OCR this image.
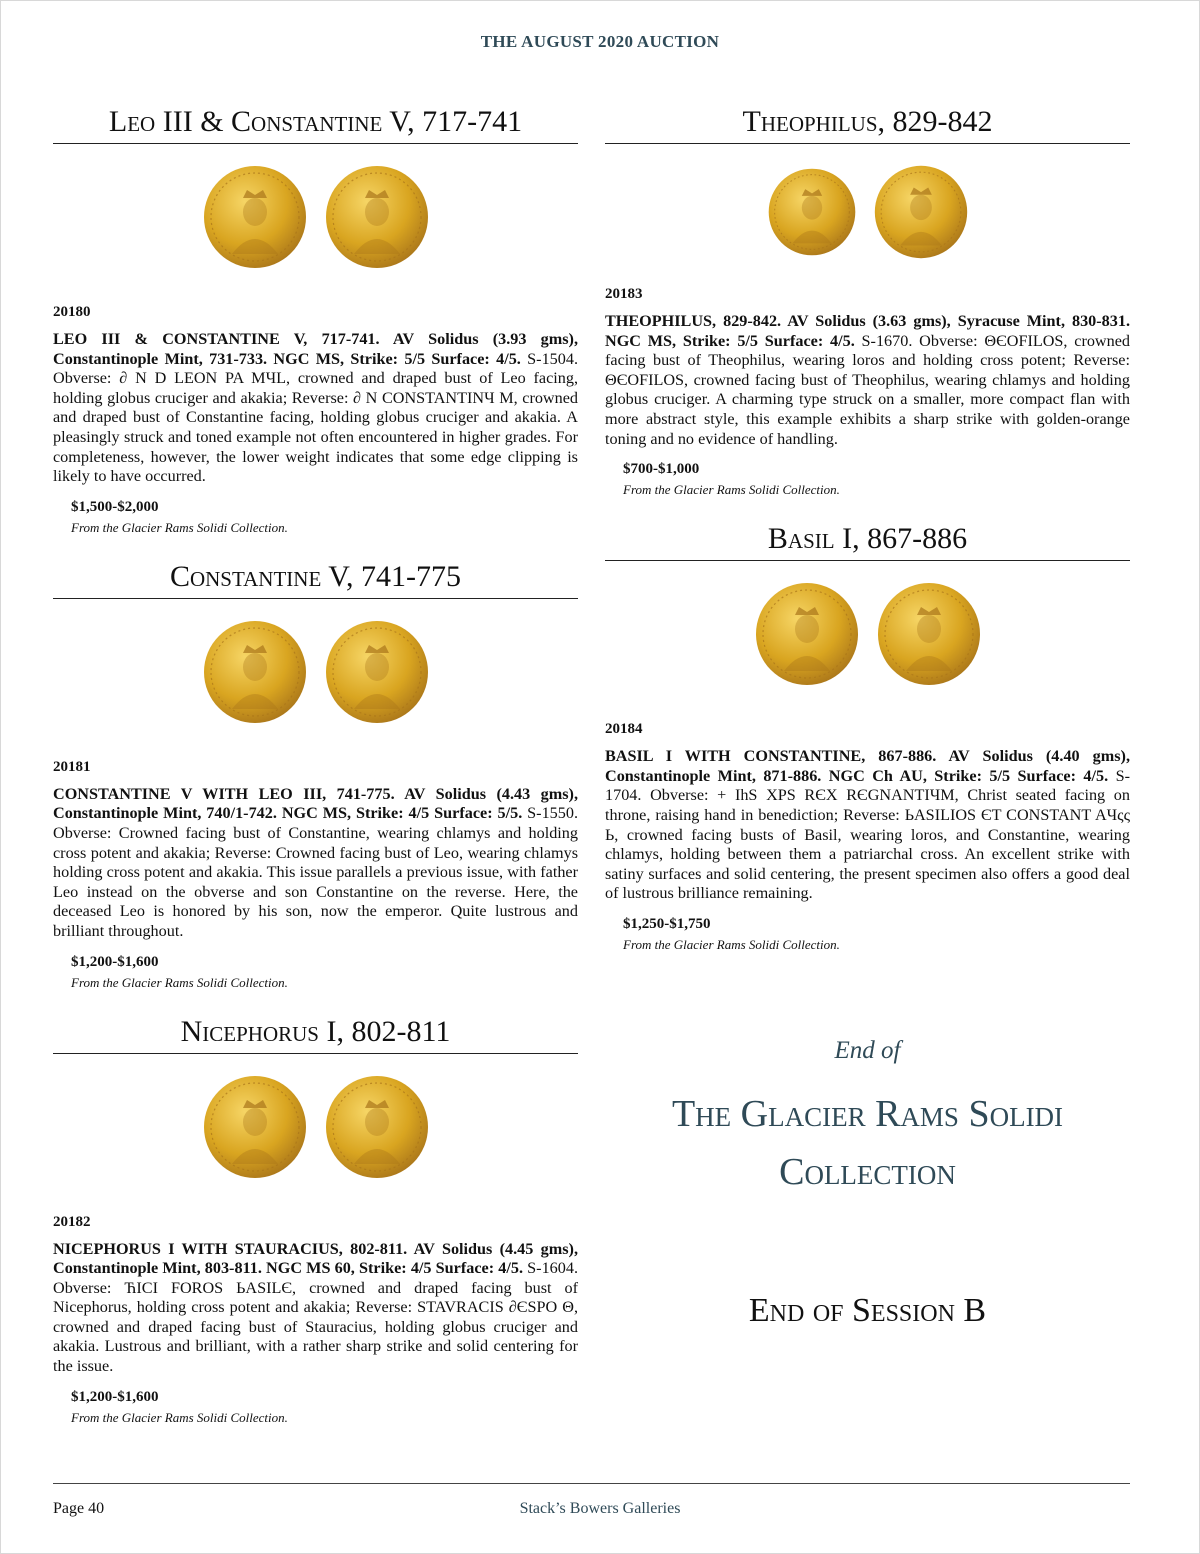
THE AUGUST 2020 AUCTION
Leo III & Constantine V, 717-741
20180
LEO III & CONSTANTINE V, 717-741. AV Solidus (3.93 gms), Constantinople Mint, 731-733. NGC MS, Strike: 5/5 Surface: 4/5. S-1504. Obverse: ∂ N D LEON PA MЧL, crowned and draped bust of Leo facing, holding globus cruciger and akakia; Reverse: ∂ N CONSTANTINЧ M, crowned and draped bust of Constantine facing, holding globus cruciger and akakia. A pleasingly struck and toned example not often encountered in higher grades. For completeness, however, the lower weight indicates that some edge clipping is likely to have occurred.
$1,500-$2,000
From the Glacier Rams Solidi Collection.
Constantine V, 741-775
20181
CONSTANTINE V WITH LEO III, 741-775. AV Solidus (4.43 gms), Constantinople Mint, 740/1-742. NGC MS, Strike: 4/5 Surface: 5/5. S-1550. Obverse: Crowned facing bust of Constantine, wearing chlamys and holding cross potent and akakia; Reverse: Crowned facing bust of Leo, wearing chlamys holding cross potent and akakia. This issue parallels a previous issue, with father Leo instead on the obverse and son Constantine on the reverse. Here, the deceased Leo is honored by his son, now the emperor. Quite lustrous and brilliant throughout.
$1,200-$1,600
From the Glacier Rams Solidi Collection.
Nicephorus I, 802-811
20182
NICEPHORUS I WITH STAURACIUS, 802-811. AV Solidus (4.45 gms), Constantinople Mint, 803-811. NGC MS 60, Strike: 4/5 Surface: 4/5. S-1604. Obverse: ЋICI FOROS ЬASILЄ, crowned and draped facing bust of Nicephorus, holding cross potent and akakia; Reverse: STAVRACIS ∂ЄSPO Θ, crowned and draped facing bust of Stauracius, holding globus cruciger and akakia. Lustrous and brilliant, with a rather sharp strike and solid centering for the issue.
$1,200-$1,600
From the Glacier Rams Solidi Collection.
Theophilus, 829-842
20183
THEOPHILUS, 829-842. AV Solidus (3.63 gms), Syracuse Mint, 830-831. NGC MS, Strike: 5/5 Surface: 4/5. S-1670. Obverse: ΘЄOFILOS, crowned facing bust of Theophilus, wearing loros and holding cross potent; Reverse: ΘЄOFILOS, crowned facing bust of Theophilus, wearing chlamys and holding globus cruciger. A charming type struck on a smaller, more compact flan with more abstract style, this example exhibits a sharp strike with golden-orange toning and no evidence of handling.
$700-$1,000
From the Glacier Rams Solidi Collection.
Basil I, 867-886
20184
BASIL I WITH CONSTANTINE, 867-886. AV Solidus (4.40 gms), Constantinople Mint, 871-886. NGC Ch AU, Strike: 5/5 Surface: 4/5. S-1704. Obverse: + IhS XPS RЄX RЄGNANTIЧM, Christ seated facing on throne, raising hand in benediction; Reverse: ЬASILIOS ЄT CONSTANT AЧςς Ь, crowned facing busts of Basil, wearing loros, and Constantine, wearing chlamys, holding between them a patriarchal cross. An excellent strike with satiny surfaces and solid centering, the present specimen also offers a good deal of lustrous brilliance remaining.
$1,250-$1,750
From the Glacier Rams Solidi Collection.
End of
The Glacier Rams Solidi
Collection
End of Session B
Page 40	Stack’s Bowers Galleries
